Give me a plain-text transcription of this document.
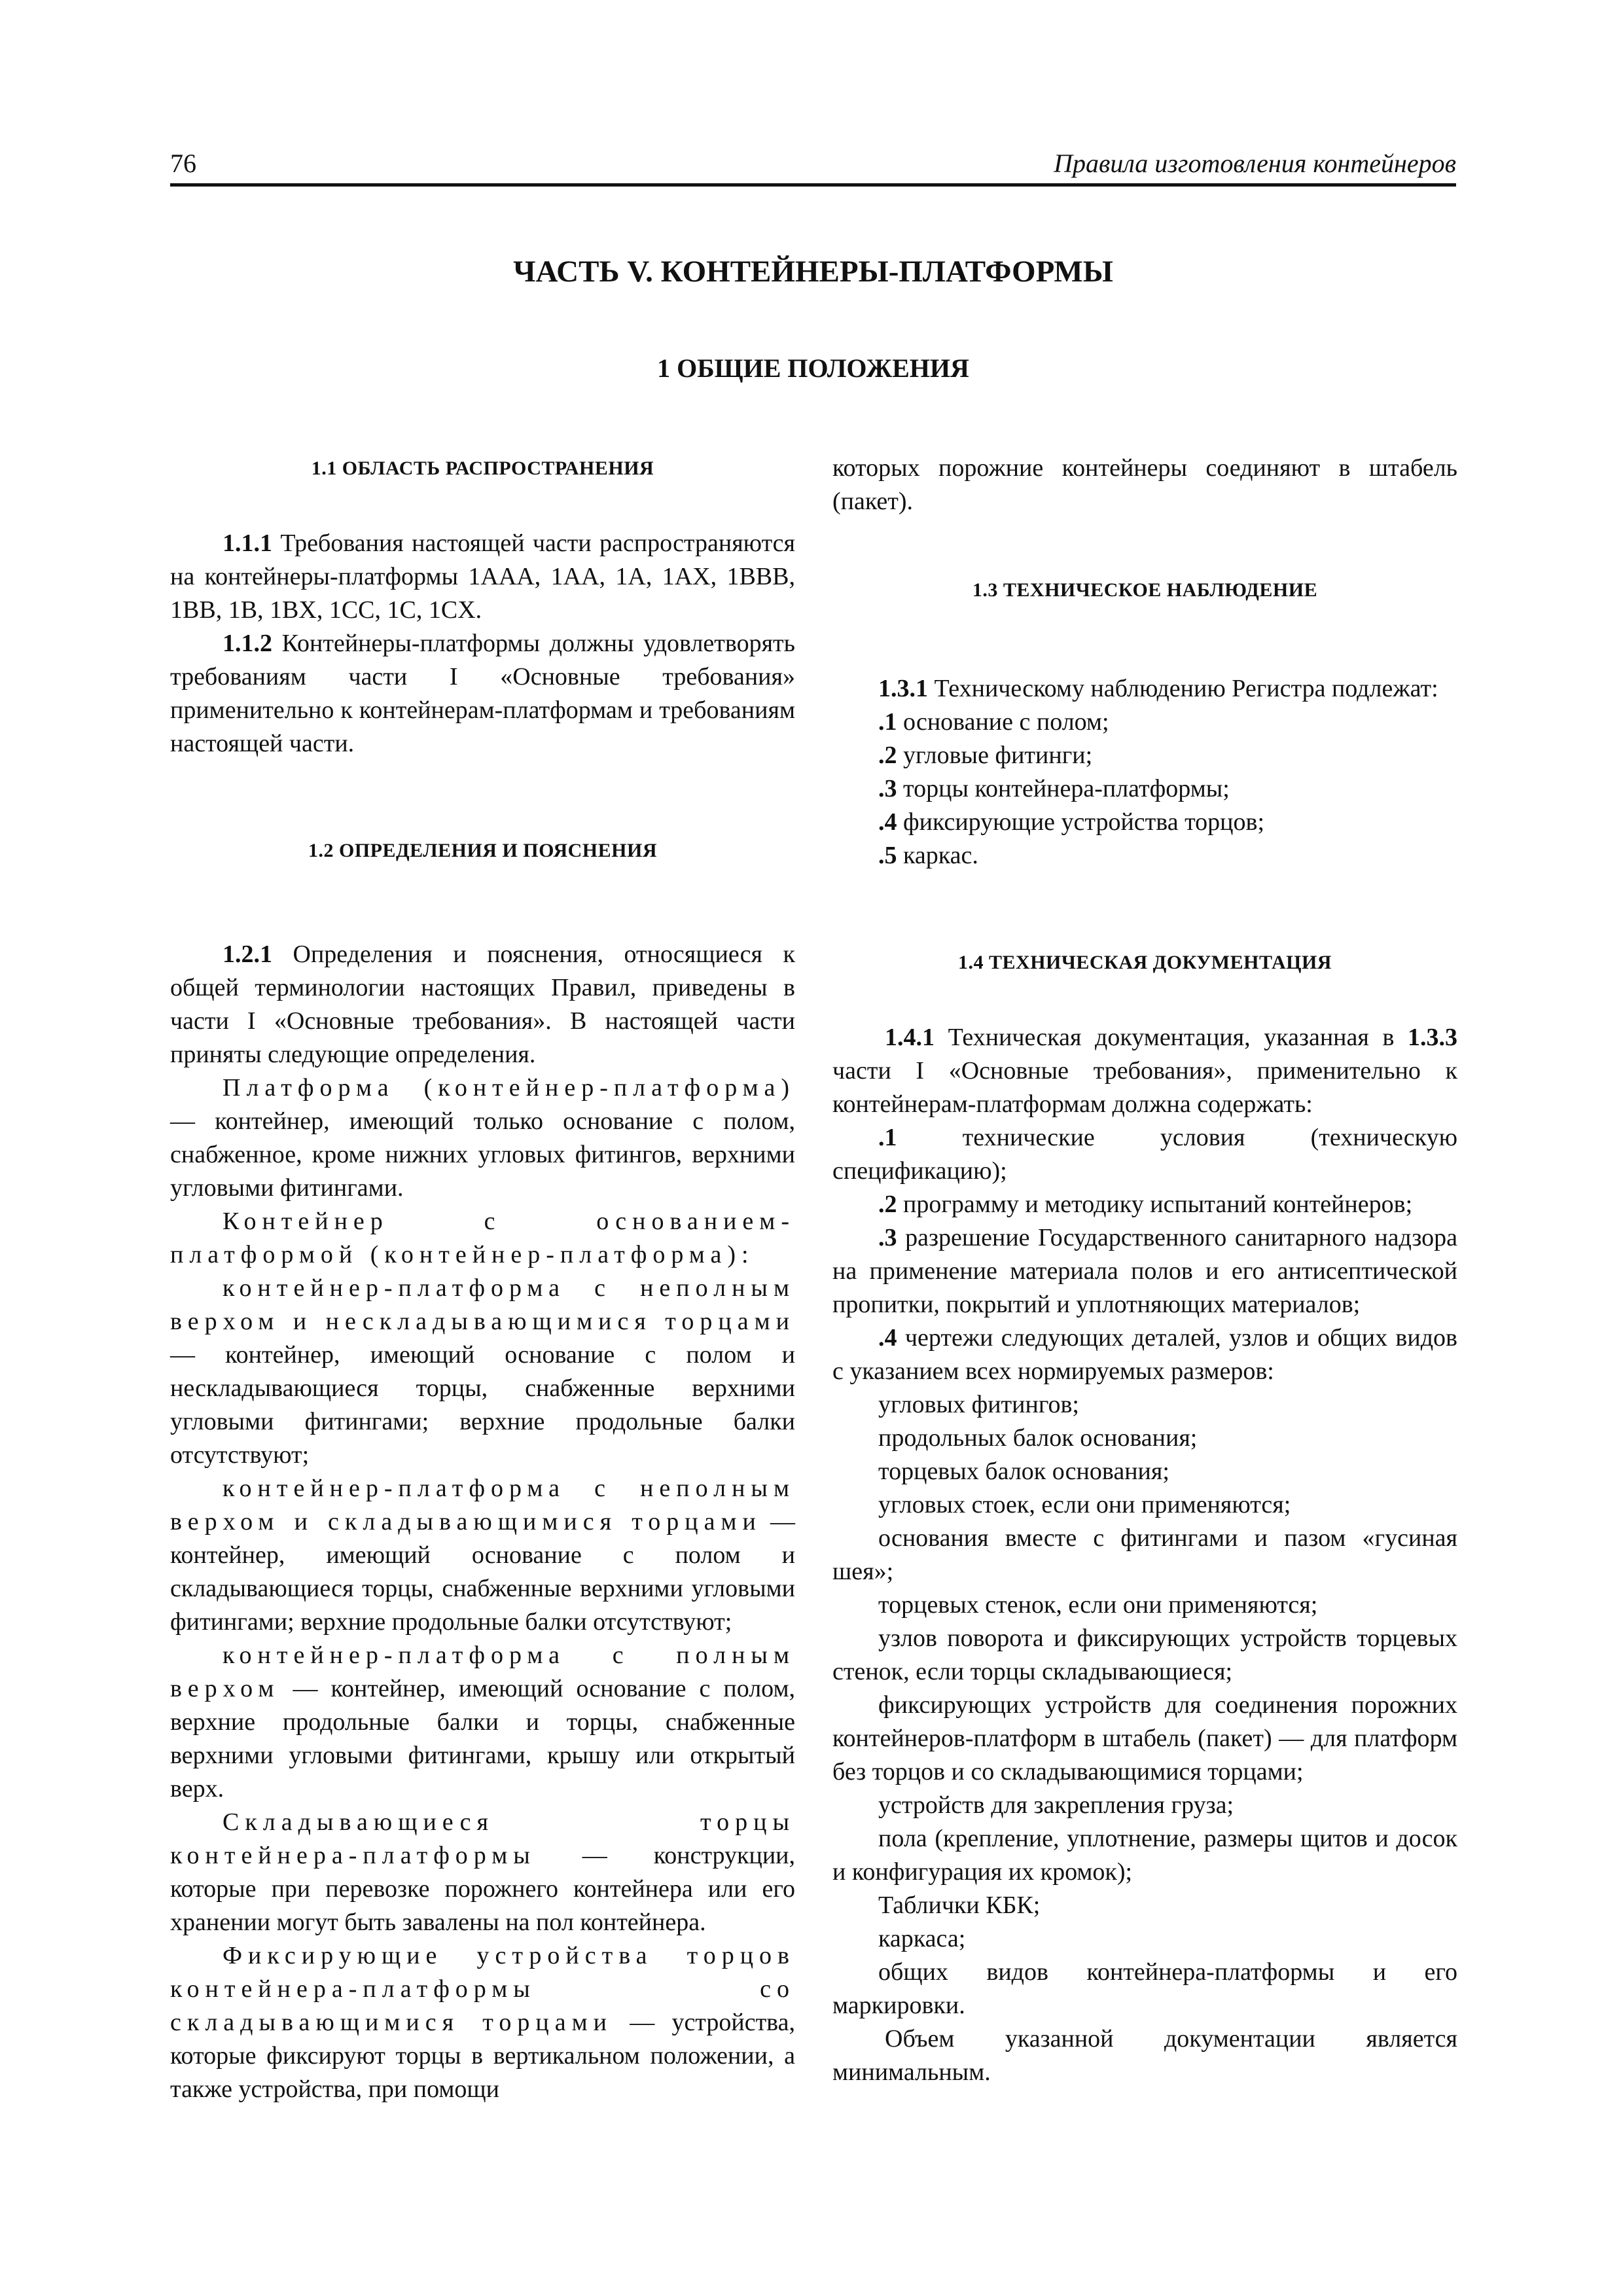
76	Правила изготовления контейнеров
ЧАСТЬ V. КОНТЕЙНЕРЫ-ПЛАТФОРМЫ
1 ОБЩИЕ ПОЛОЖЕНИЯ
1.1 ОБЛАСТЬ РАСПРОСТРАНЕНИЯ

1.1.1 Требования настоящей части распространяются на контейнеры-платформы 1AAA, 1AA, 1A, 1AX, 1BBB, 1BB, 1B, 1BX, 1CC, 1C, 1CX.

1.1.2 Контейнеры-платформы должны удовлетворять требованиям части I «Основные требования» применительно к контейнерам-платформам и требованиям настоящей части.

1.2 ОПРЕДЕЛЕНИЯ И ПОЯСНЕНИЯ

1.2.1 Определения и пояснения, относящиеся к общей терминологии настоящих Правил, приведены в части I «Основные требования». В настоящей части приняты следующие определения.

Платформа (контейнер-платформа) — контейнер, имеющий только основание с полом, снабженное, кроме нижних угловых фитингов, верхними угловыми фитингами.

Контейнер с основанием-платформой (контейнер-платформа):

контейнер-платформа с неполным верхом и нескладывающимися торцами — контейнер, имеющий основание с полом и нескладывающиеся торцы, снабженные верхними угловыми фитингами; верхние продольные балки отсутствуют;

контейнер-платформа с неполным верхом и складывающимися торцами — контейнер, имеющий основание с полом и складывающиеся торцы, снабженные верхними угловыми фитингами; верхние продольные балки отсутствуют;

контейнер-платформа с полным верхом — контейнер, имеющий основание с полом, верхние продольные балки и торцы, снабженные верхними угловыми фитингами, крышу или открытый верх.

Складывающиеся торцы контейнера-платформы — конструкции, которые при перевозке порожнего контейнера или его хранении могут быть завалены на пол контейнера.

Фиксирующие устройства торцов контейнера-платформы со складывающимися торцами — устройства, которые фиксируют торцы в вертикальном положении, а также устройства, при помощи

которых порожние контейнеры соединяют в штабель (пакет).

1.3 ТЕХНИЧЕСКОЕ НАБЛЮДЕНИЕ

1.3.1 Техническому наблюдению Регистра подлежат:

.1 основание с полом;

.2 угловые фитинги;

.3 торцы контейнера-платформы;

.4 фиксирующие устройства торцов;

.5 каркас.

1.4 ТЕХНИЧЕСКАЯ ДОКУМЕНТАЦИЯ

1.4.1 Техническая документация, указанная в 1.3.3 части I «Основные требования», применительно к контейнерам-платформам должна содержать:

.1 технические условия (техническую спецификацию);

.2 программу и методику испытаний контейнеров;

.3 разрешение Государственного санитарного надзора на применение материала полов и его антисептической пропитки, покрытий и уплотняющих материалов;

.4 чертежи следующих деталей, узлов и общих видов с указанием всех нормируемых размеров:

угловых фитингов;

продольных балок основания;

торцевых балок основания;

угловых стоек, если они применяются;

основания вместе с фитингами и пазом «гусиная шея»;

торцевых стенок, если они применяются;

узлов поворота и фиксирующих устройств торцевых стенок, если торцы складывающиеся;

фиксирующих устройств для соединения порожних контейнеров-платформ в штабель (пакет) — для платформ без торцов и со складывающимися торцами;

устройств для закрепления груза;

пола (крепление, уплотнение, размеры щитов и досок и конфигурация их кромок);

Таблички КБК;

каркаса;

общих видов контейнера-платформы и его маркировки.

Объем указанной документации является минимальным.
